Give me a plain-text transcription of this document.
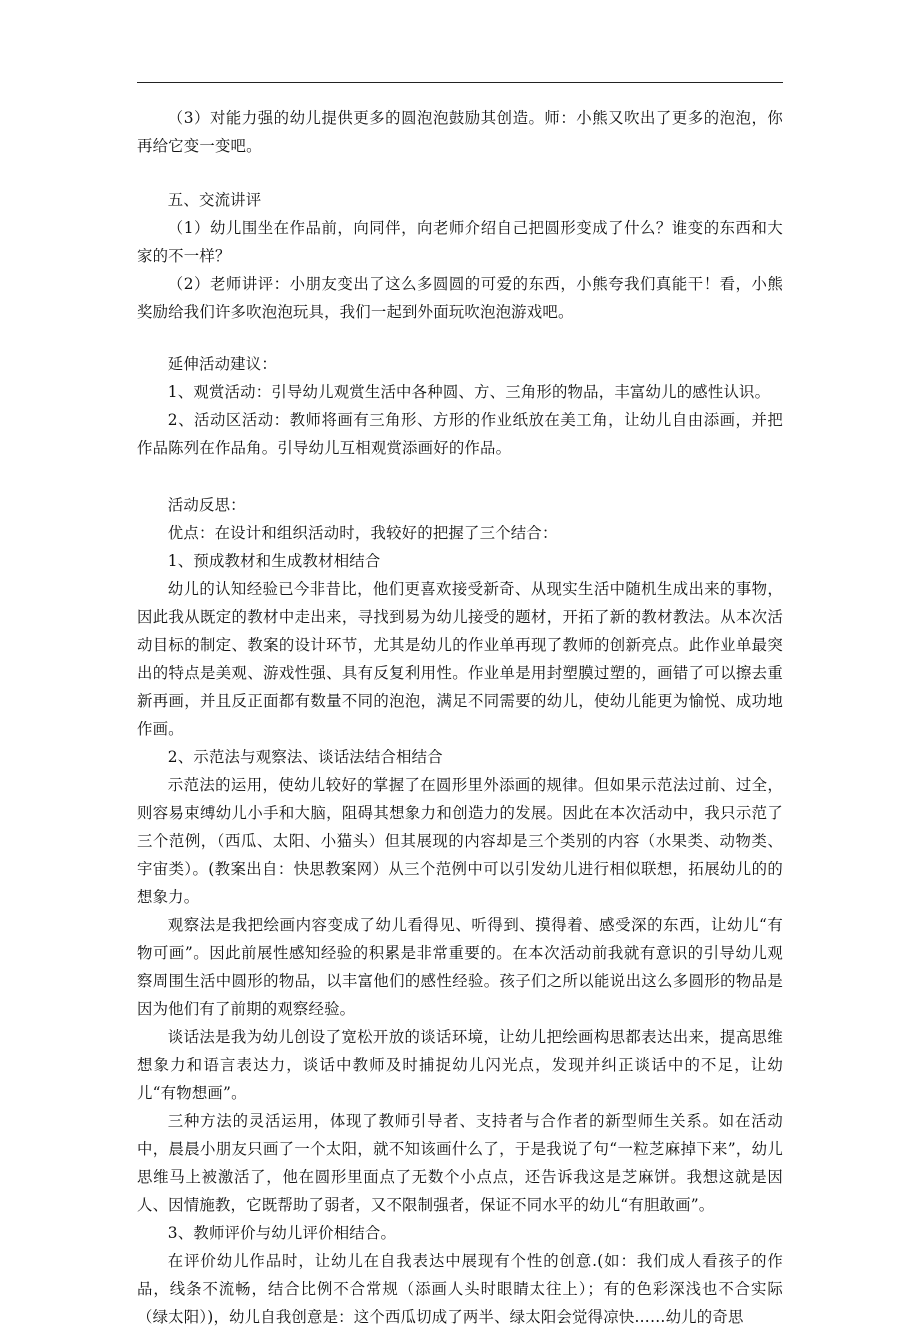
（3）对能力强的幼儿提供更多的圆泡泡鼓励其创造。师：小熊又吹出了更多的泡泡，你再给它变一变吧。

五、交流讲评

（1）幼儿围坐在作品前，向同伴，向老师介绍自己把圆形变成了什么？谁变的东西和大家的不一样？

（2）老师讲评：小朋友变出了这么多圆圆的可爱的东西，小熊夸我们真能干！看，小熊奖励给我们许多吹泡泡玩具，我们一起到外面玩吹泡泡游戏吧。

延伸活动建议：

1、观赏活动：引导幼儿观赏生活中各种圆、方、三角形的物品，丰富幼儿的感性认识。

2、活动区活动：教师将画有三角形、方形的作业纸放在美工角，让幼儿自由添画，并把作品陈列在作品角。引导幼儿互相观赏添画好的作品。

活动反思：

优点：在设计和组织活动时，我较好的把握了三个结合：

1、预成教材和生成教材相结合

幼儿的认知经验已今非昔比，他们更喜欢接受新奇、从现实生活中随机生成出来的事物，因此我从既定的教材中走出来，寻找到易为幼儿接受的题材，开拓了新的教材教法。从本次活动目标的制定、教案的设计环节，尤其是幼儿的作业单再现了教师的创新亮点。此作业单最突出的特点是美观、游戏性强、具有反复利用性。作业单是用封塑膜过塑的，画错了可以擦去重新再画，并且反正面都有数量不同的泡泡，满足不同需要的幼儿，使幼儿能更为愉悦、成功地作画。

2、示范法与观察法、谈话法结合相结合

示范法的运用，使幼儿较好的掌握了在圆形里外添画的规律。但如果示范法过前、过全，则容易束缚幼儿小手和大脑，阻碍其想象力和创造力的发展。因此在本次活动中，我只示范了三个范例，（西瓜、太阳、小猫头）但其展现的内容却是三个类别的内容（水果类、动物类、宇宙类）。(教案出自：快思教案网）从三个范例中可以引发幼儿进行相似联想，拓展幼儿的的想象力。

观察法是我把绘画内容变成了幼儿看得见、听得到、摸得着、感受深的东西，让幼儿“有物可画”。因此前展性感知经验的积累是非常重要的。在本次活动前我就有意识的引导幼儿观察周围生活中圆形的物品，以丰富他们的感性经验。孩子们之所以能说出这么多圆形的物品是因为他们有了前期的观察经验。

谈话法是我为幼儿创设了宽松开放的谈话环境，让幼儿把绘画构思都表达出来，提高思维想象力和语言表达力，谈话中教师及时捕捉幼儿闪光点，发现并纠正谈话中的不足，让幼儿“有物想画”。

三种方法的灵活运用，体现了教师引导者、支持者与合作者的新型师生关系。如在活动中，晨晨小朋友只画了一个太阳，就不知该画什么了，于是我说了句“一粒芝麻掉下来”，幼儿思维马上被激活了，他在圆形里面点了无数个小点点，还告诉我这是芝麻饼。我想这就是因人、因情施教，它既帮助了弱者，又不限制强者，保证不同水平的幼儿“有胆敢画”。

3、教师评价与幼儿评价相结合。

在评价幼儿作品时，让幼儿在自我表达中展现有个性的创意.(如：我们成人看孩子的作品，线条不流畅，结合比例不合常规（添画人头时眼睛太往上）；有的色彩深浅也不合实际（绿太阳）)，幼儿自我创意是：这个西瓜切成了两半、绿太阳会觉得凉快……幼儿的奇思
